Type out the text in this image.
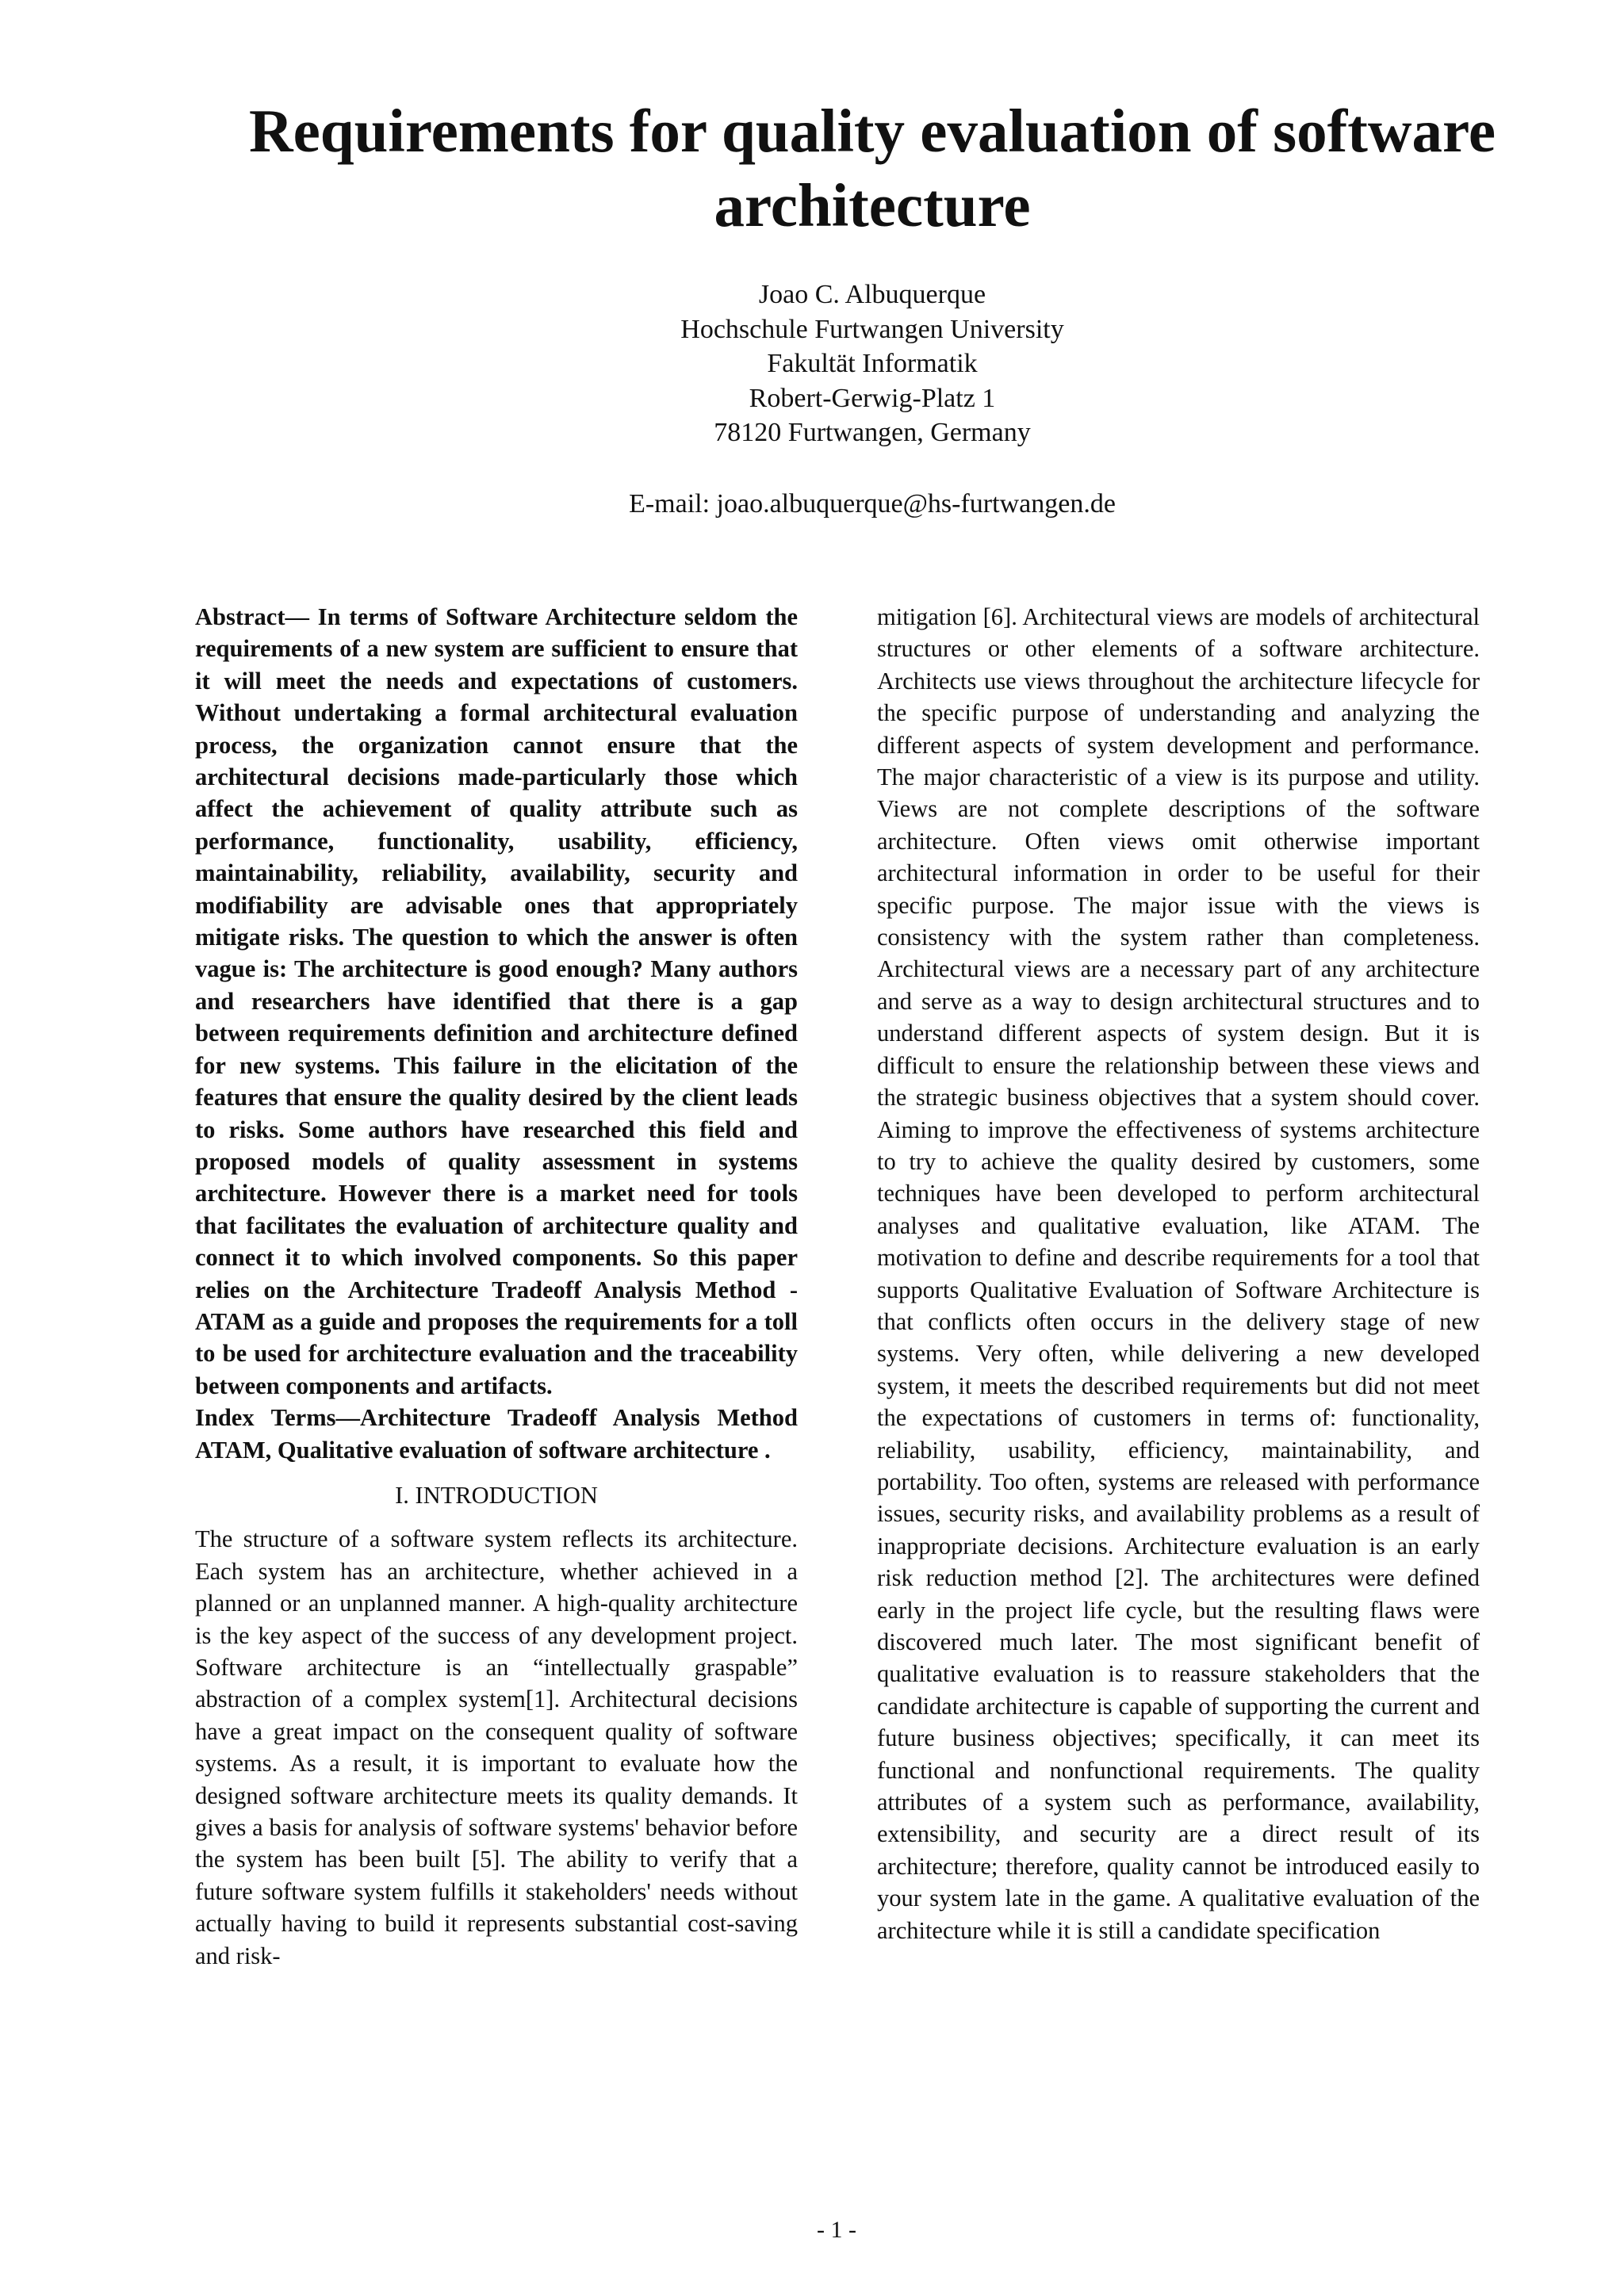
Requirements for quality evaluation of software architecture
Joao C. Albuquerque
Hochschule Furtwangen University
Fakultät Informatik
Robert-Gerwig-Platz 1
78120 Furtwangen, Germany
E-mail: joao.albuquerque@hs-furtwangen.de

Abstract— In terms of Software Architecture seldom the requirements of a new system are sufficient to ensure that it will meet the needs and expectations of customers. Without undertaking a formal architectural evaluation process, the organization cannot ensure that the architectural decisions made-particularly those which affect the achievement of quality attribute such as performance, functionality, usability, efficiency, maintainability, reliability, availability, security and modifiability are advisable ones that appropriately mitigate risks. The question to which the answer is often vague is: The architecture is good enough? Many authors and researchers have identified that there is a gap between requirements definition and architecture defined for new systems. This failure in the elicitation of the features that ensure the quality desired by the client leads to risks. Some authors have researched this field and proposed models of quality assessment in systems architecture. However there is a market need for tools that facilitates the evaluation of architecture quality and connect it to which involved components. So this paper relies on the Architecture Tradeoff Analysis Method - ATAM as a guide and proposes the requirements for a toll to be used for architecture evaluation and the traceability between components and artifacts.

Index Terms—Architecture Tradeoff Analysis Method ATAM, Qualitative evaluation of software architecture .

I. INTRODUCTION

The structure of a software system reflects its architecture. Each system has an architecture, whether achieved in a planned or an unplanned manner. A high-quality architecture is the key aspect of the success of any development project. Software architecture is an “intellectually graspable” abstraction of a complex system[1]. Architectural decisions have a great impact on the consequent quality of software systems. As a result, it is important to evaluate how the designed software architecture meets its quality demands. It gives a basis for analysis of software systems' behavior before the system has been built [5]. The ability to verify that a future software system fulfills it stakeholders' needs without actually having to build it represents substantial cost-saving and risk-

mitigation [6]. Architectural views are models of architectural structures or other elements of a software architecture. Architects use views throughout the architecture lifecycle for the specific purpose of understanding and analyzing the different aspects of system development and performance. The major characteristic of a view is its purpose and utility. Views are not complete descriptions of the software architecture. Often views omit otherwise important architectural information in order to be useful for their specific purpose. The major issue with the views is consistency with the system rather than completeness. Architectural views are a necessary part of any architecture and serve as a way to design architectural structures and to understand different aspects of system design. But it is difficult to ensure the relationship between these views and the strategic business objectives that a system should cover. Aiming to improve the effectiveness of systems architecture to try to achieve the quality desired by customers, some techniques have been developed to perform architectural analyses and qualitative evaluation, like ATAM. The motivation to define and describe requirements for a tool that supports Qualitative Evaluation of Software Architecture is that conflicts often occurs in the delivery stage of new systems. Very often, while delivering a new developed system, it meets the described requirements but did not meet the expectations of customers in terms of: functionality, reliability, usability, efficiency, maintainability, and portability. Too often, systems are released with performance issues, security risks, and availability problems as a result of inappropriate decisions. Architecture evaluation is an early risk reduction method [2]. The architectures were defined early in the project life cycle, but the resulting flaws were discovered much later. The most significant benefit of qualitative evaluation is to reassure stakeholders that the candidate architecture is capable of supporting the current and future business objectives; specifically, it can meet its functional and nonfunctional requirements. The quality attributes of a system such as performance, availability, extensibility, and security are a direct result of its architecture; therefore, quality cannot be introduced easily to your system late in the game. A qualitative evaluation of the architecture while it is still a candidate specification

- 1 -
